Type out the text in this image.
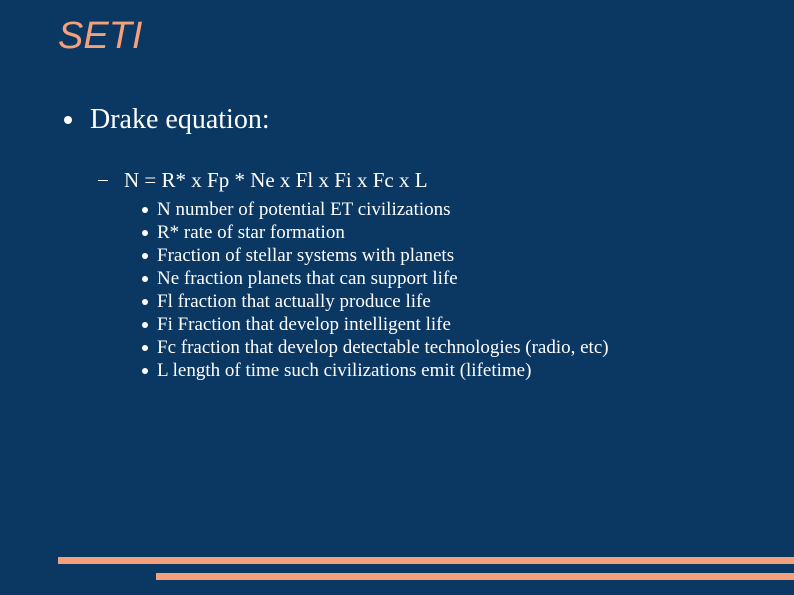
SETI
Drake equation:
N = R* x Fp * Ne x Fl x Fi x Fc x L
N number of potential ET civilizations
R* rate of star formation
Fraction of stellar systems with planets
Ne fraction planets that can support life
Fl fraction that actually produce life
Fi Fraction that develop intelligent life
Fc fraction that develop detectable technologies (radio, etc)
L length of time such civilizations emit (lifetime)
